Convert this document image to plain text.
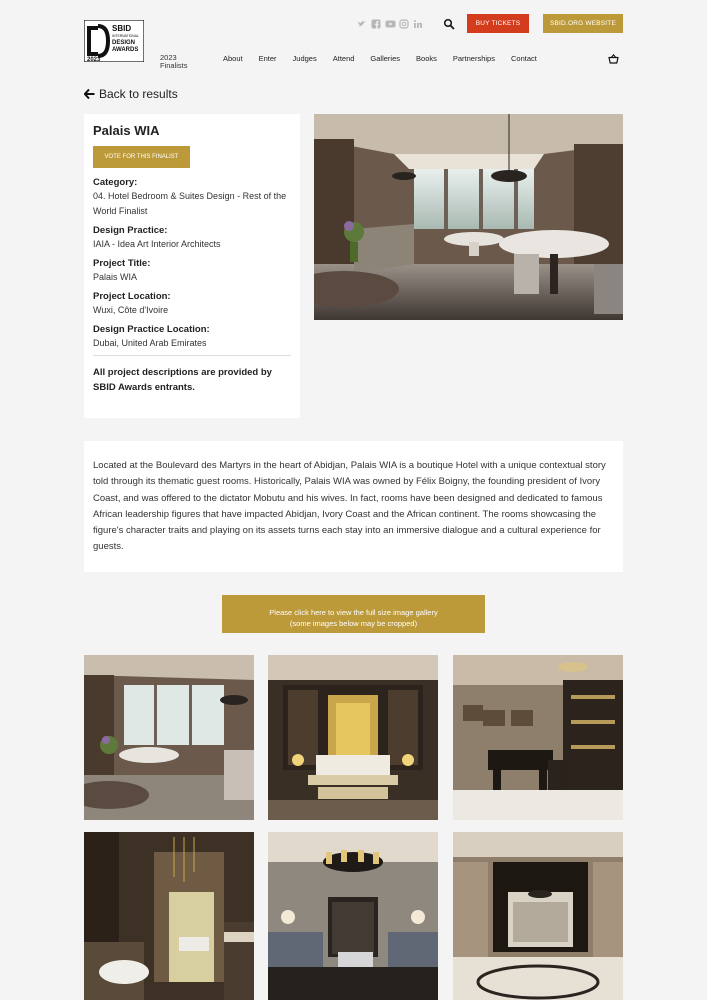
SBID
INTERNATIONAL
DESIGN
AWARDS
2023	2023
Finalists
BUY TICKETS	SBID.ORG WEBSITE
About Enter Judges Attend Galleries Books Partnerships Contact
Back to results
Palais WIA
VOTE FOR THIS FINALIST
Category:
04. Hotel Bedroom & Suites Design - Rest of the World Finalist
Design Practice:
IAIA - Idea Art Interior Architects
Project Title:
Palais WIA
Project Location:
Wuxi, Côte d'Ivoire
Design Practice Location:
Dubai, United Arab Emirates
All project descriptions are provided by SBID Awards entrants.
Located at the Boulevard des Martyrs in the heart of Abidjan, Palais WIA is a boutique Hotel with a unique contextual story told through its thematic guest rooms. Historically, Palais WIA was owned by Félix Boigny, the founding president of Ivory Coast, and was offered to the dictator Mobutu and his wives. In fact, rooms have been designed and dedicated to famous African leadership figures that have impacted Abidjan, Ivory Coast and the African continent. The rooms showcasing the figure's character traits and playing on its assets turns each stay into an immersive dialogue and a cultural experience for guests.
Please click here to view the full size image gallery
(some images below may be cropped)
